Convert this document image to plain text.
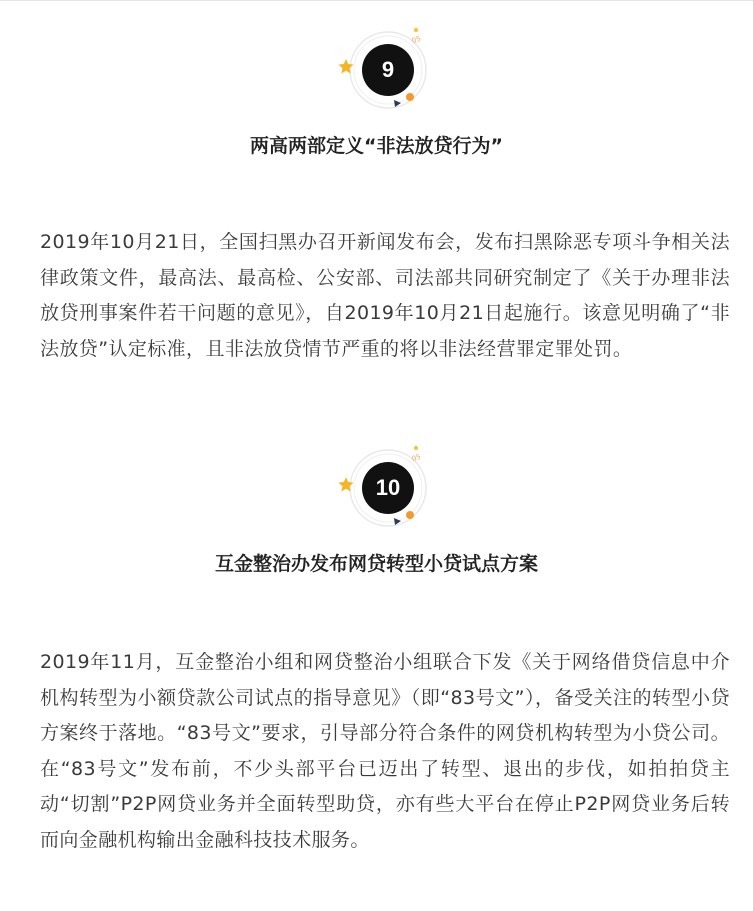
05
9
两高两部定义“非法放贷行为”
2019年10月21日，全国扫黑办召开新闻发布会，发布扫黑除恶专项斗争相关法律政策文件，最高法、最高检、公安部、司法部共同研究制定了《关于办理非法放贷刑事案件若干问题的意见》，自2019年10月21日起施行。该意见明确了“非法放贷”认定标准，且非法放贷情节严重的将以非法经营罪定罪处罚。
05
10
互金整治办发布网贷转型小贷试点方案
2019年11月，互金整治小组和网贷整治小组联合下发《关于网络借贷信息中介机构转型为小额贷款公司试点的指导意见》（即“83号文”），备受关注的转型小贷方案终于落地。“83号文”要求，引导部分符合条件的网贷机构转型为小贷公司。在“83号文”发布前，不少头部平台已迈出了转型、退出的步伐，如拍拍贷主动“切割”P2P网贷业务并全面转型助贷，亦有些大平台在停止P2P网贷业务后转而向金融机构输出金融科技技术服务。
